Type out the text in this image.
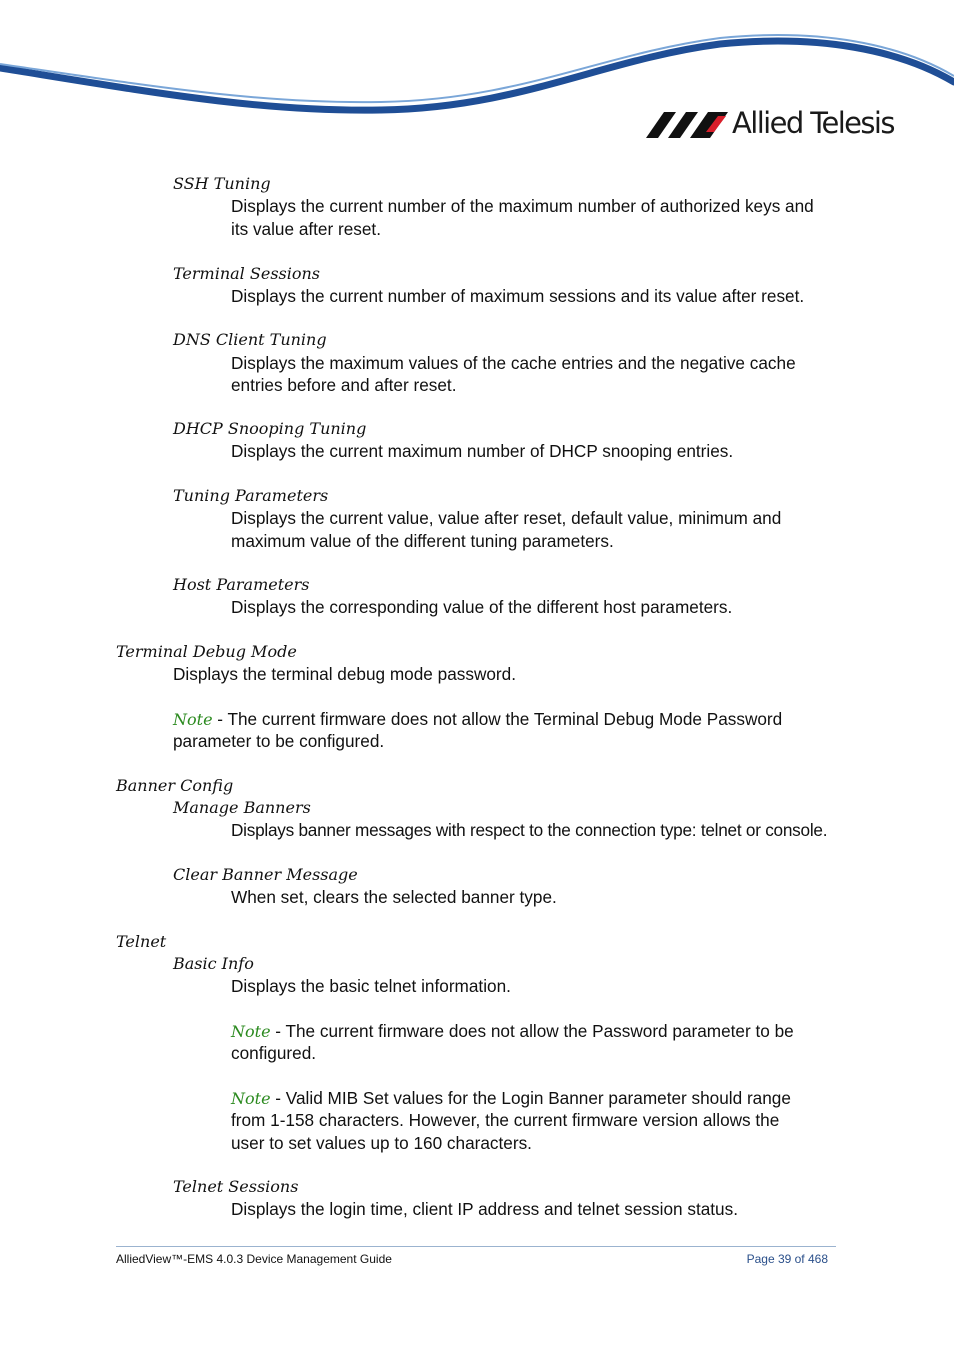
Allied Telesis
SSH Tuning
Displays the current number of the maximum number of authorized keys and
its value after reset.
Terminal Sessions
Displays the current number of maximum sessions and its value after reset.
DNS Client Tuning
Displays the maximum values of the cache entries and the negative cache
entries before and after reset.
DHCP Snooping Tuning
Displays the current maximum number of DHCP snooping entries.
Tuning Parameters
Displays the current value, value after reset, default value, minimum and
maximum value of the different tuning parameters.
Host Parameters
Displays the corresponding value of the different host parameters.
Terminal Debug Mode
Displays the terminal debug mode password.
Note - The current firmware does not allow the Terminal Debug Mode Password
parameter to be configured.
Banner Config
Manage Banners
Displays banner messages with respect to the connection type: telnet or console.
Clear Banner Message
When set, clears the selected banner type.
Telnet
Basic Info
Displays the basic telnet information.
Note - The current firmware does not allow the Password parameter to be
configured.
Note - Valid MIB Set values for the Login Banner parameter should range
from 1-158 characters. However, the current firmware version allows the
user to set values up to 160 characters.
Telnet Sessions
Displays the login time, client IP address and telnet session status.
AlliedView™-EMS 4.0.3 Device Management Guide	Page 39 of 468
